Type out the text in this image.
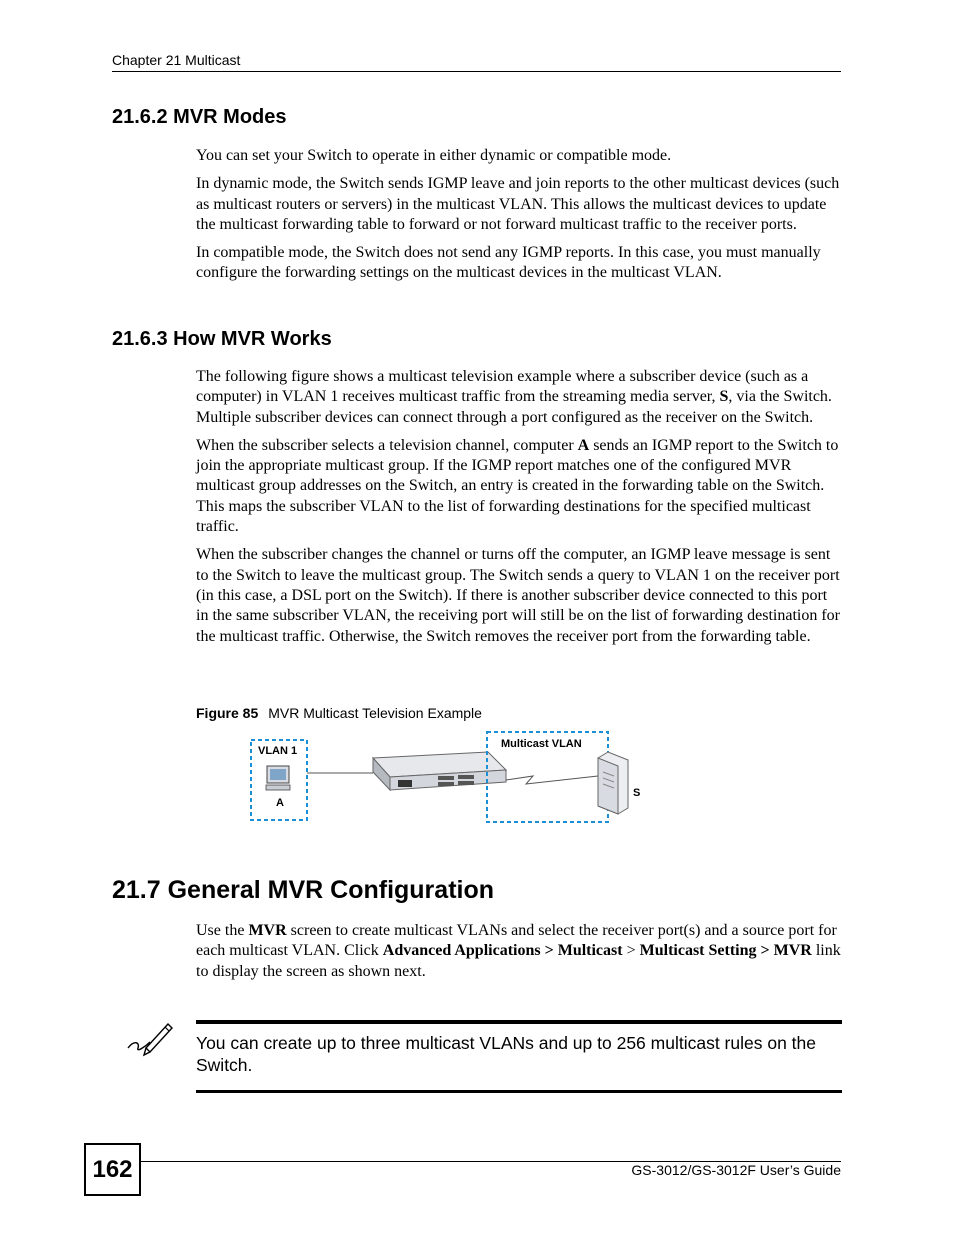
Chapter 21 Multicast
21.6.2 MVR Modes

You can set your Switch to operate in either dynamic or compatible mode.

In dynamic mode, the Switch sends IGMP leave and join reports to the other multicast devices (such as multicast routers or servers) in the multicast VLAN. This allows the multicast devices to update the multicast forwarding table to forward or not forward multicast traffic to the receiver ports.

In compatible mode, the Switch does not send any IGMP reports. In this case, you must manually configure the forwarding settings on the multicast devices in the multicast VLAN.

21.6.3 How MVR Works

The following figure shows a multicast television example where a subscriber device (such as a computer) in VLAN 1 receives multicast traffic from the streaming media server, S, via the Switch. Multiple subscriber devices can connect through a port configured as the receiver on the Switch.

When the subscriber selects a television channel, computer A sends an IGMP report to the Switch to join the appropriate multicast group. If the IGMP report matches one of the configured MVR multicast group addresses on the Switch, an entry is created in the forwarding table on the Switch. This maps the subscriber VLAN to the list of forwarding destinations for the specified multicast traffic.

When the subscriber changes the channel or turns off the computer, an IGMP leave message is sent to the Switch to leave the multicast group. The Switch sends a query to VLAN 1 on the receiver port (in this case, a DSL port on the Switch). If there is another subscriber device connected to this port in the same subscriber VLAN, the receiving port will still be on the list of forwarding destination for the multicast traffic. Otherwise, the Switch removes the receiver port from the forwarding table.

Figure 85 MVR Multicast Television Example
VLAN 1
A
Multicast VLAN
S
21.7 General MVR Configuration

Use the MVR screen to create multicast VLANs and select the receiver port(s) and a source port for each multicast VLAN. Click Advanced Applications > Multicast > Multicast Setting > MVR link to display the screen as shown next.

You can create up to three multicast VLANs and up to 256 multicast rules on the Switch.
162	GS-3012/GS-3012F User’s Guide
